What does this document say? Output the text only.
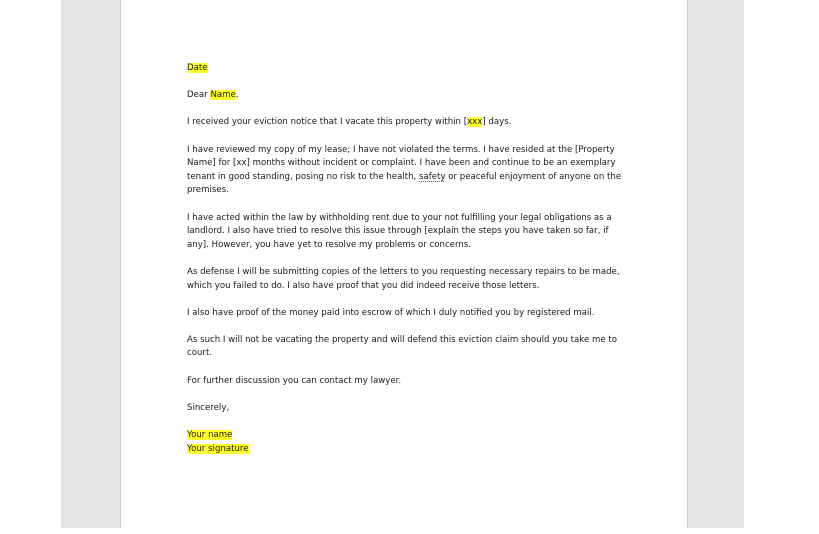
Date

Dear Name,

I received your eviction notice that I vacate this property within [xxx] days.

I have reviewed my copy of my lease; I have not violated the terms. I have resided at the [Property Name] for [xx] months without incident or complaint. I have been and continue to be an exemplary tenant in good standing, posing no risk to the health, safety or peaceful enjoyment of anyone on the premises.

I have acted within the law by withholding rent due to your not fulfilling your legal obligations as a landlord. I also have tried to resolve this issue through [explain the steps you have taken so far, if any]. However, you have yet to resolve my problems or concerns.

As defense I will be submitting copies of the letters to you requesting necessary repairs to be made, which you failed to do. I also have proof that you did indeed receive those letters.

I also have proof of the money paid into escrow of which I duly notified you by registered mail.

As such I will not be vacating the property and will defend this eviction claim should you take me to court.

For further discussion you can contact my lawyer.

Sincerely,

Your name

Your signature
